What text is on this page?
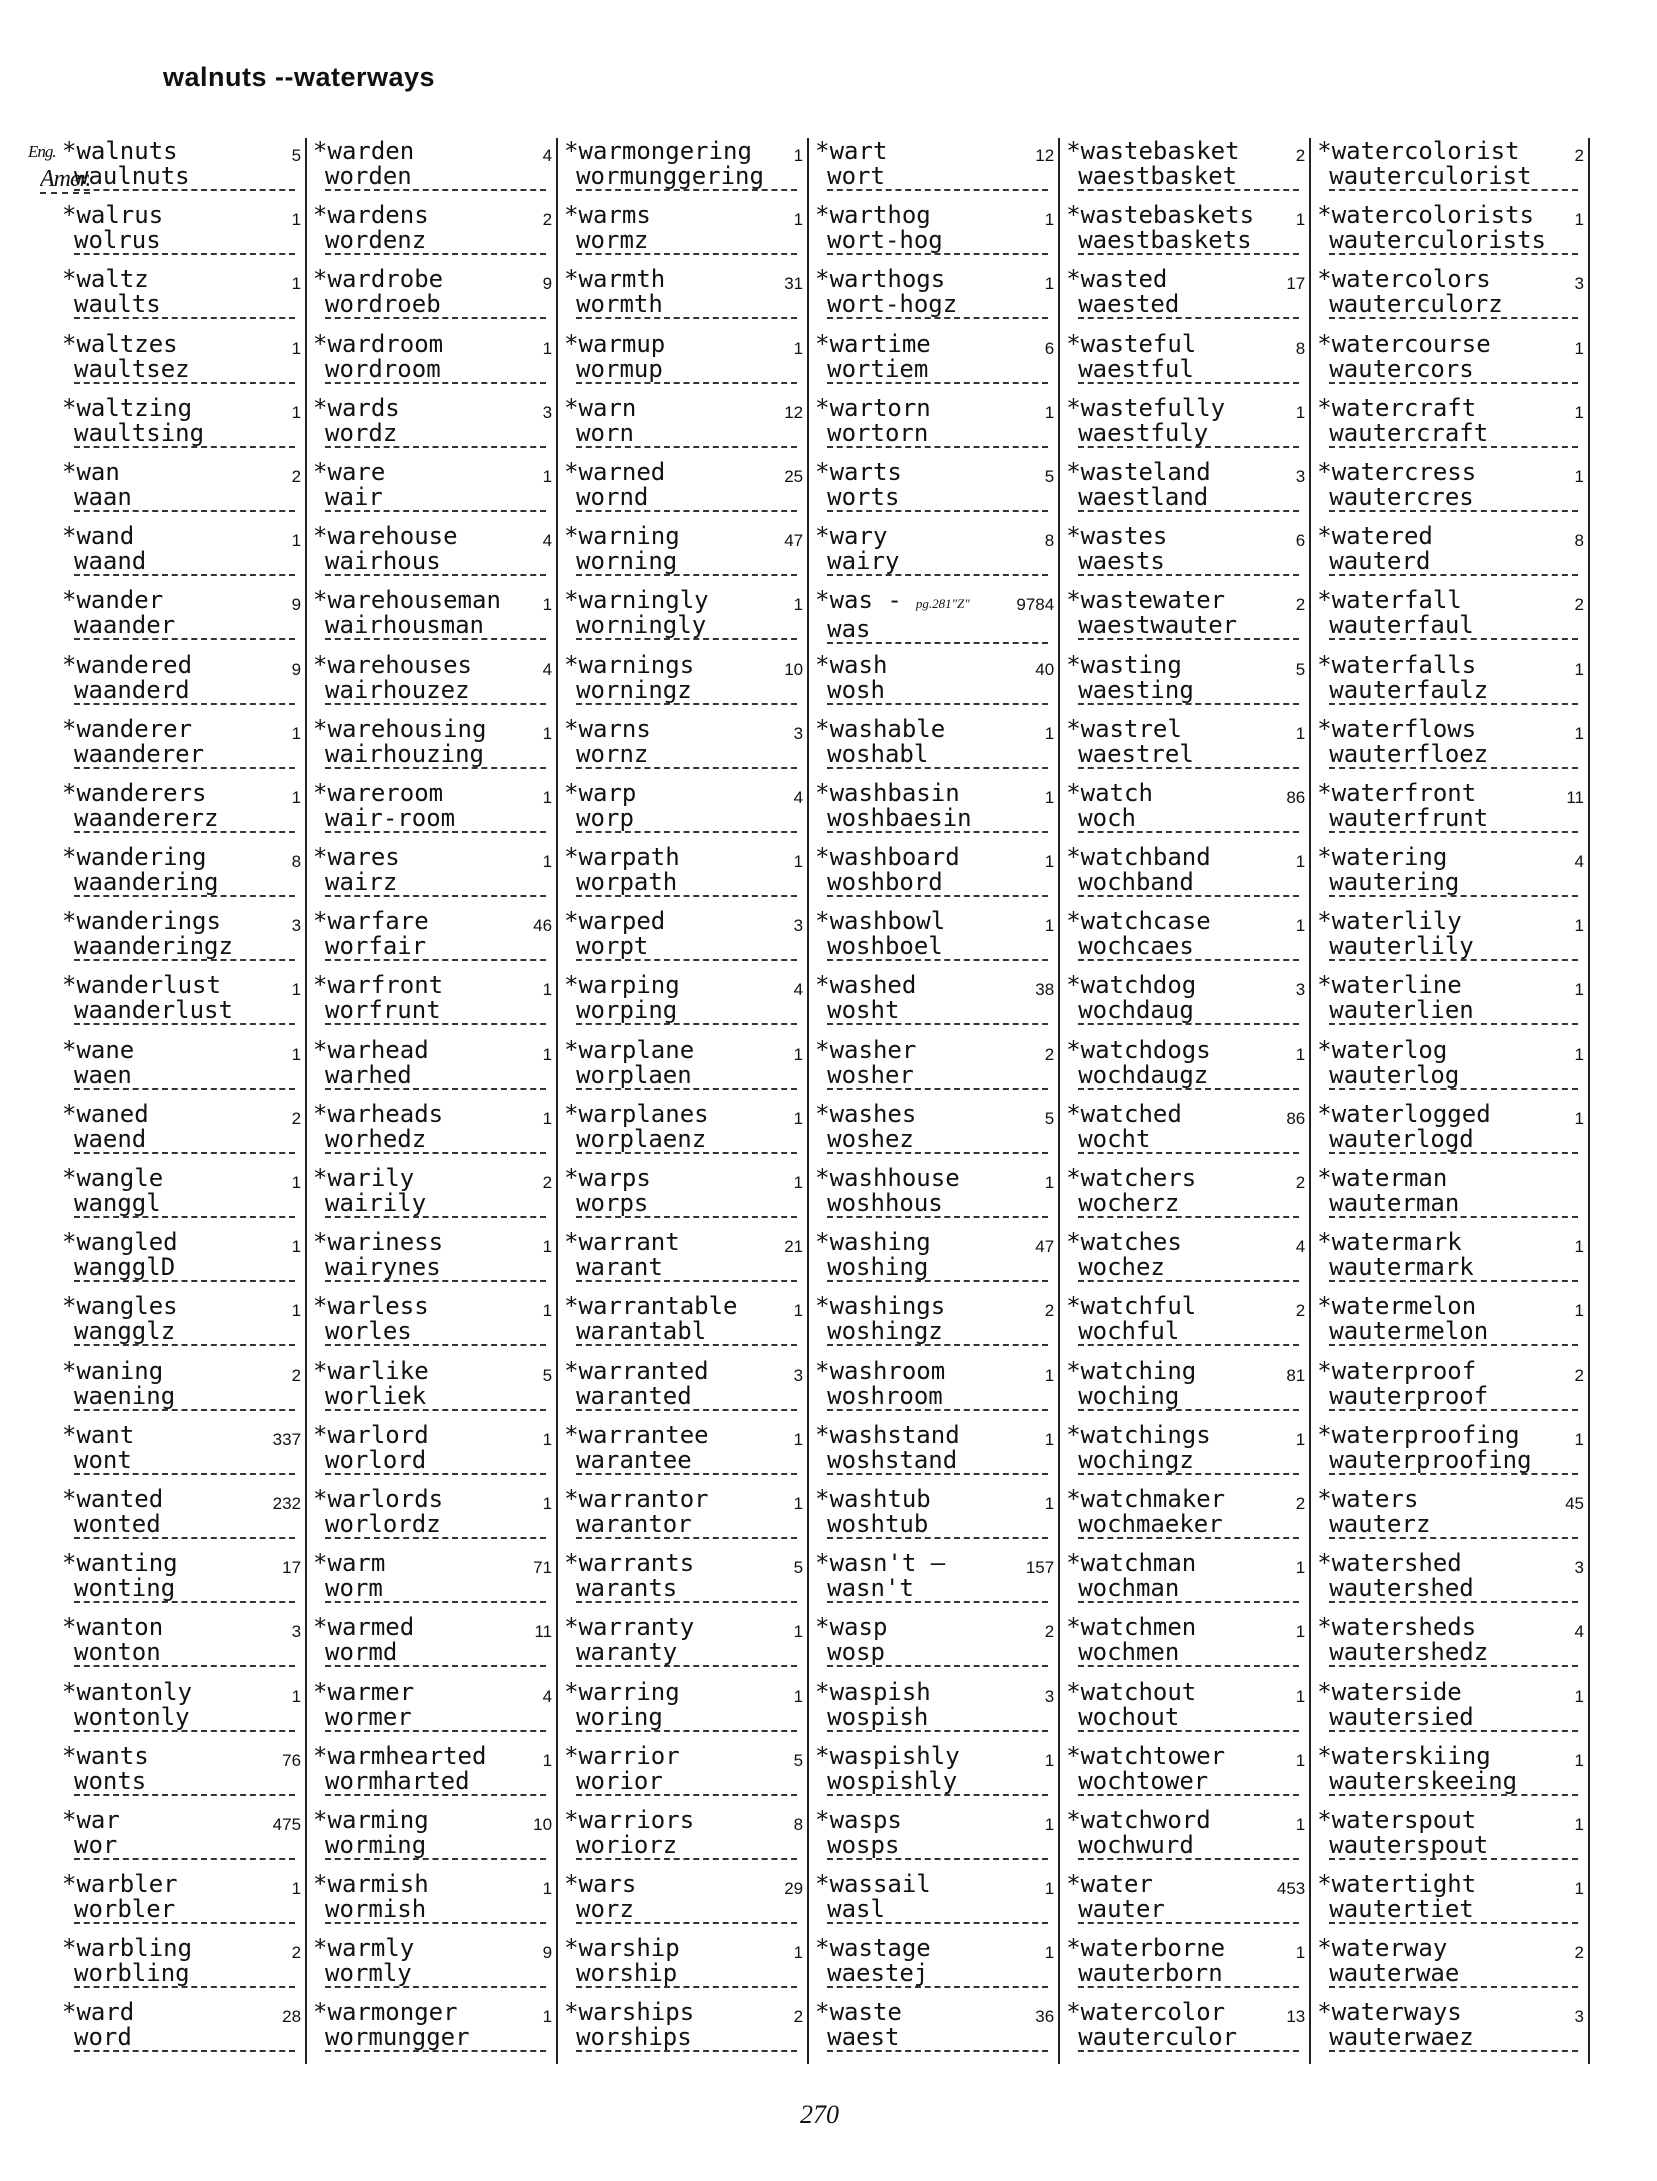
walnuts --waterways
Eng.
Amer.
*walnuts	5
waulnuts
*walrus	1
wolrus
*waltz	1
waults
*waltzes	1
waultsez
*waltzing	1
waultsing
*wan	2
waan
*wand	1
waand
*wander	9
waander
*wandered	9
waanderd
*wanderer	1
waanderer
*wanderers	1
waandererz
*wandering	8
waandering
*wanderings	3
waanderingz
*wanderlust	1
waanderlust
*wane	1
waen
*waned	2
waend
*wangle	1
wanggl
*wangled	1
wangglD
*wangles	1
wangglz
*waning	2
waening
*want	337
wont
*wanted	232
wonted
*wanting	17
wonting
*wanton	3
wonton
*wantonly	1
wontonly
*wants	76
wonts
*war	475
wor
*warbler	1
worbler
*warbling	2
worbling
*ward	28
word
*warden	4
worden
*wardens	2
wordenz
*wardrobe	9
wordroeb
*wardroom	1
wordroom
*wards	3
wordz
*ware	1
wair
*warehouse	4
wairhous
*warehouseman	1
wairhousman
*warehouses	4
wairhouzez
*warehousing	1
wairhouzing
*wareroom	1
wair-room
*wares	1
wairz
*warfare	46
worfair
*warfront	1
worfrunt
*warhead	1
warhed
*warheads	1
worhedz
*warily	2
wairily
*wariness	1
wairynes
*warless	1
worles
*warlike	5
worliek
*warlord	1
worlord
*warlords	1
worlordz
*warm	71
worm
*warmed	11
wormd
*warmer	4
wormer
*warmhearted	1
wormharted
*warming	10
worming
*warmish	1
wormish
*warmly	9
wormly
*warmonger	1
wormungger
*warmongering	1
wormunggering
*warms	1
wormz
*warmth	31
wormth
*warmup	1
wormup
*warn	12
worn
*warned	25
wornd
*warning	47
worning
*warningly	1
worningly
*warnings	10
worningz
*warns	3
wornz
*warp	4
worp
*warpath	1
worpath
*warped	3
worpt
*warping	4
worping
*warplane	1
worplaen
*warplanes	1
worplaenz
*warps	1
worps
*warrant	21
warant
*warrantable	1
warantabl
*warranted	3
waranted
*warrantee	1
warantee
*warrantor	1
warantor
*warrants	5
warants
*warranty	1
waranty
*warring	1
woring
*warrior	5
worior
*warriors	8
woriorz
*wars	29
worz
*warship	1
worship
*warships	2
worships
*wart	12
wort
*warthog	1
wort-hog
*warthogs	1
wort-hogz
*wartime	6
wortiem
*wartorn	1
wortorn
*warts	5
worts
*wary	8
wairy
*was - pg.281"Z"	9784
was
*wash	40
wosh
*washable	1
woshabl
*washbasin	1
woshbaesin
*washboard	1
woshbord
*washbowl	1
woshboel
*washed	38
wosht
*washer	2
wosher
*washes	5
woshez
*washhouse	1
woshhous
*washing	47
woshing
*washings	2
woshingz
*washroom	1
woshroom
*washstand	1
woshstand
*washtub	1
woshtub
*wasn't —	157
wasn't
*wasp	2
wosp
*waspish	3
wospish
*waspishly	1
wospishly
*wasps	1
wosps
*wassail	1
wasl
*wastage	1
waestej
*waste	36
waest
*wastebasket	2
waestbasket
*wastebaskets	1
waestbaskets
*wasted	17
waested
*wasteful	8
waestful
*wastefully	1
waestfuly
*wasteland	3
waestland
*wastes	6
waests
*wastewater	2
waestwauter
*wasting	5
waesting
*wastrel	1
waestrel
*watch	86
woch
*watchband	1
wochband
*watchcase	1
wochcaes
*watchdog	3
wochdaug
*watchdogs	1
wochdaugz
*watched	86
wocht
*watchers	2
wocherz
*watches	4
wochez
*watchful	2
wochful
*watching	81
woching
*watchings	1
wochingz
*watchmaker	2
wochmaeker
*watchman	1
wochman
*watchmen	1
wochmen
*watchout	1
wochout
*watchtower	1
wochtower
*watchword	1
wochwurd
*water	453
wauter
*waterborne	1
wauterborn
*watercolor	13
wauterculor
*watercolorist	2
wauterculorist
*watercolorists	1
wauterculorists
*watercolors	3
wauterculorz
*watercourse	1
wautercors
*watercraft	1
wautercraft
*watercress	1
wautercres
*watered	8
wauterd
*waterfall	2
wauterfaul
*waterfalls	1
wauterfaulz
*waterflows	1
wauterfloez
*waterfront	11
wauterfrunt
*watering	4
wautering
*waterlily	1
wauterlily
*waterline	1
wauterlien
*waterlog	1
wauterlog
*waterlogged	1
wauterlogd
*waterman
wauterman
*watermark	1
wautermark
*watermelon	1
wautermelon
*waterproof	2
wauterproof
*waterproofing	1
wauterproofing
*waters	45
wauterz
*watershed	3
wautershed
*watersheds	4
wautershedz
*waterside	1
wautersied
*waterskiing	1
wauterskeeing
*waterspout	1
wauterspout
*watertight	1
wautertiet
*waterway	2
wauterwae
*waterways	3
wauterwaez
270
